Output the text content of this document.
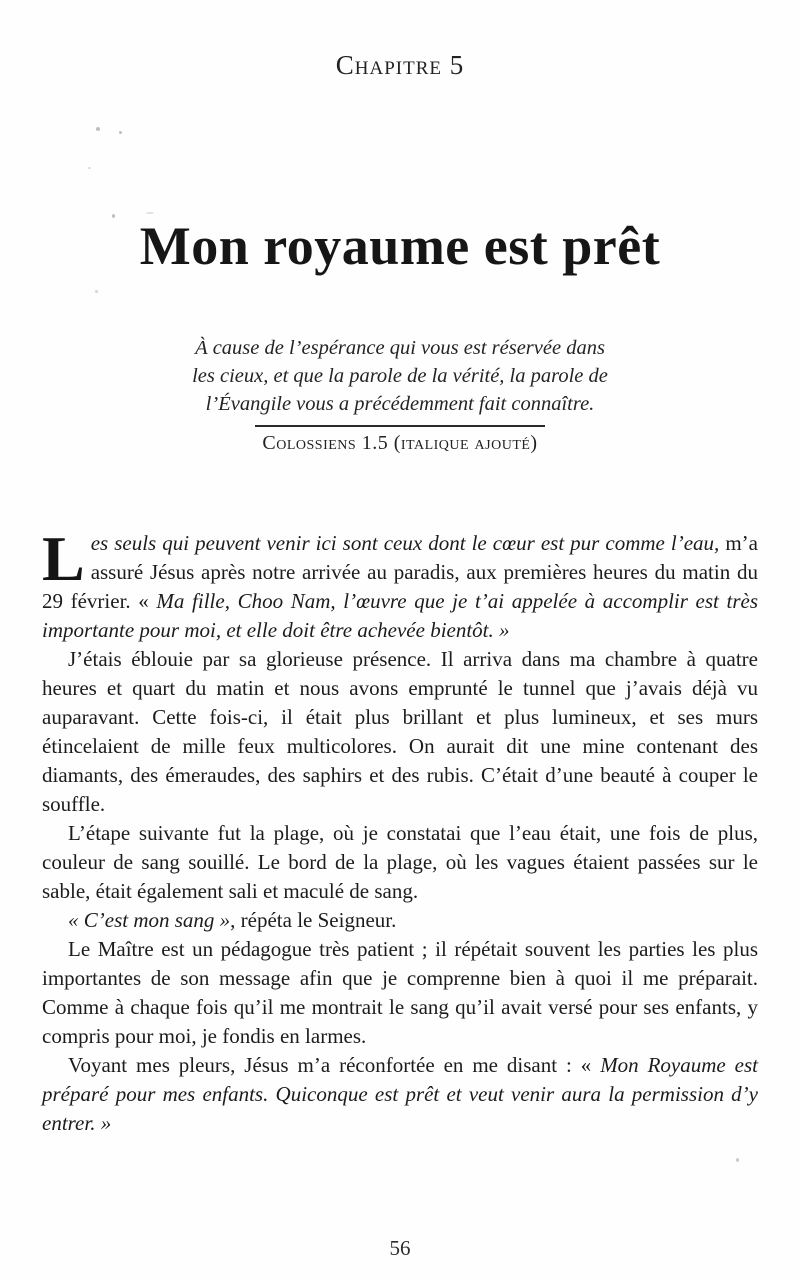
Chapitre 5
Mon royaume est prêt
À cause de l’espérance qui vous est réservée dans
les cieux, et que la parole de la vérité, la parole de
l’Évangile vous a précédemment fait connaître.
Colossiens 1.5 (italique ajouté)

Les seuls qui peuvent venir ici sont ceux dont le cœur est pur comme l’eau, m’a assuré Jésus après notre arrivée au paradis, aux premières heures du matin du 29 février. « Ma fille, Choo Nam, l’œuvre que je t’ai appelée à accomplir est très importante pour moi, et elle doit être achevée bientôt. »

J’étais éblouie par sa glorieuse présence. Il arriva dans ma chambre à quatre heures et quart du matin et nous avons emprunté le tunnel que j’avais déjà vu auparavant. Cette fois-ci, il était plus brillant et plus lumineux, et ses murs étincelaient de mille feux multicolores. On aurait dit une mine contenant des diamants, des émeraudes, des saphirs et des rubis. C’était d’une beauté à couper le souffle.

L’étape suivante fut la plage, où je constatai que l’eau était, une fois de plus, couleur de sang souillé. Le bord de la plage, où les vagues étaient passées sur le sable, était également sali et maculé de sang.

« C’est mon sang », répéta le Seigneur.

Le Maître est un pédagogue très patient ; il répétait souvent les parties les plus importantes de son message afin que je comprenne bien à quoi il me préparait. Comme à chaque fois qu’il me montrait le sang qu’il avait versé pour ses enfants, y compris pour moi, je fondis en larmes.

Voyant mes pleurs, Jésus m’a réconfortée en me disant : « Mon Royaume est préparé pour mes enfants. Quiconque est prêt et veut venir aura la permission d’y entrer. »

56
